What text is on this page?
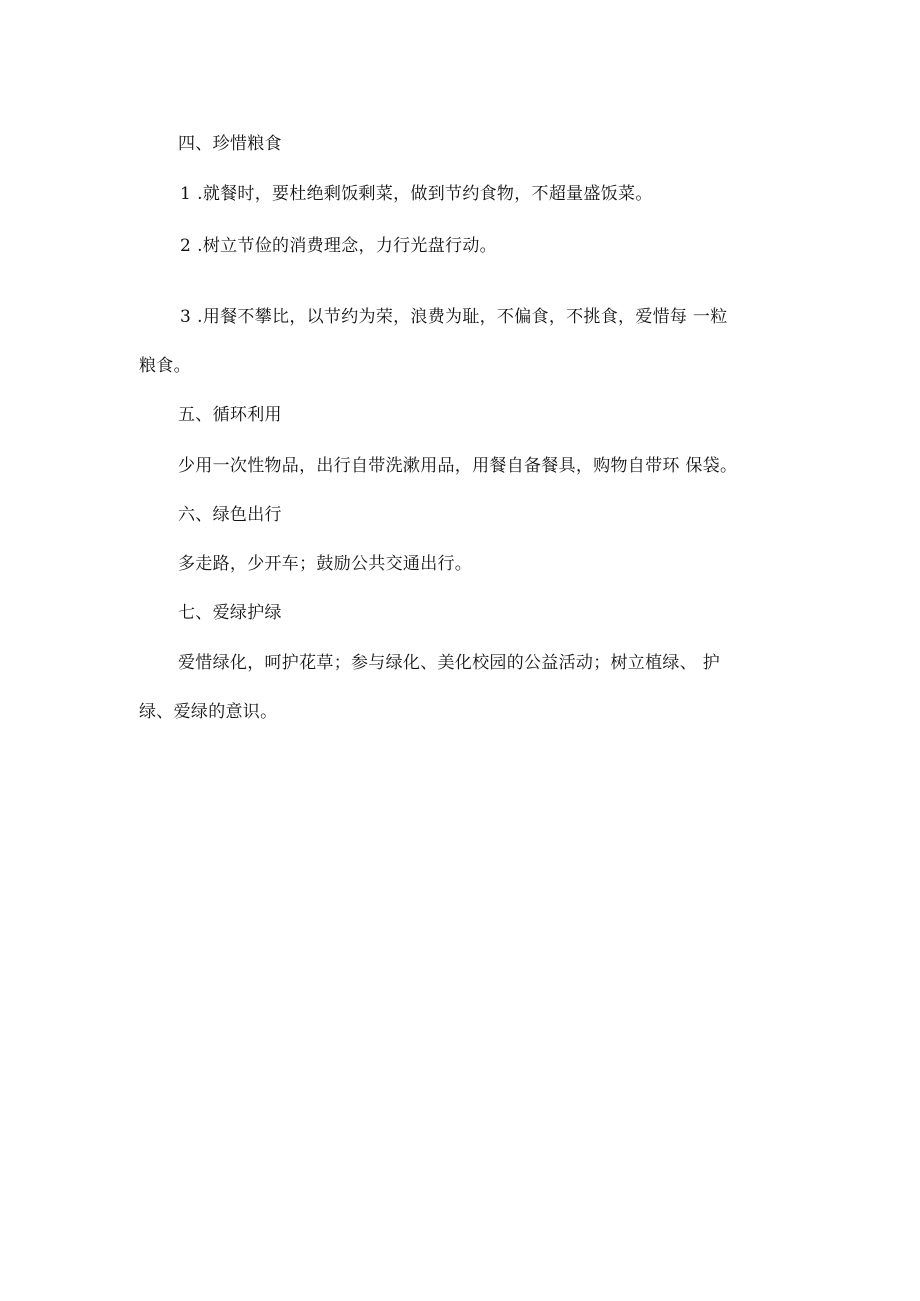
四、珍惜粮食
1 .就餐时，要杜绝剩饭剩菜，做到节约食物，不超量盛饭菜。
2 .树立节俭的消费理念，力行光盘行动。
3 .用餐不攀比，以节约为荣，浪费为耻，不偏食，不挑食，爱惜每 一粒
粮食。
五、循环利用
少用一次性物品，出行自带洗漱用品，用餐自备餐具，购物自带环 保袋。
六、绿色出行
多走路，少开车；鼓励公共交通出行。
七、爱绿护绿
爱惜绿化，呵护花草；参与绿化、美化校园的公益活动；树立植绿、 护
绿、爱绿的意识。
